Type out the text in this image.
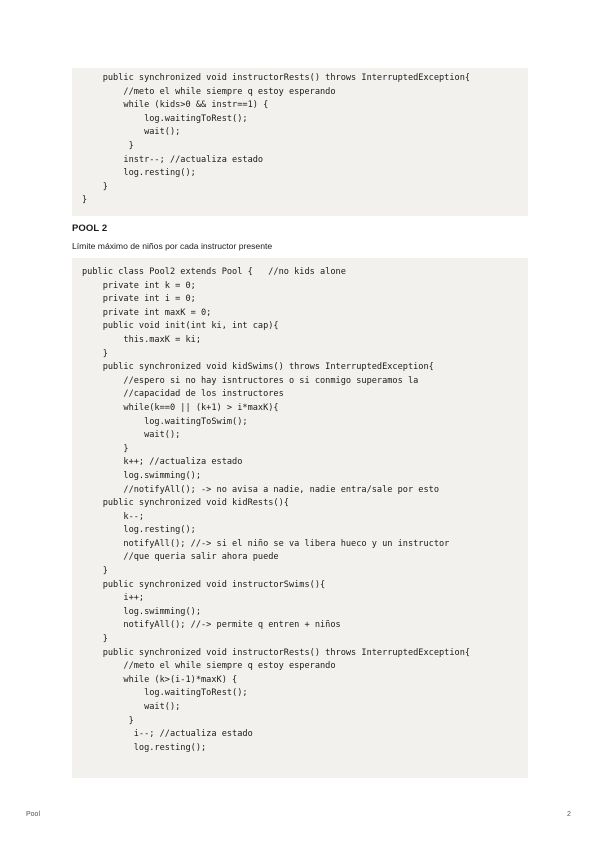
public synchronized void instructorRests() throws InterruptedException{
//meto el while siempre q estoy esperando
while (kids>0 && instr==1) {
log.waitingToRest();
wait();
}
instr--; //actualiza estado
log.resting();
}
}
POOL 2
Límite máximo de niños por cada instructor presente
public class Pool2 extends Pool {   //no kids alone
private int k = 0;
private int i = 0;
private int maxK = 0;
public void init(int ki, int cap){
this.maxK = ki;
}
public synchronized void kidSwims() throws InterruptedException{
//espero si no hay isntructores o si conmigo superamos la
//capacidad de los instructores
while(k==0 || (k+1) > i*maxK){
log.waitingToSwim();
wait();
}
k++; //actualiza estado
log.swimming();
//notifyAll(); -> no avisa a nadie, nadie entra/sale por esto
public synchronized void kidRests(){
k--;
log.resting();
notifyAll(); //-> si el niño se va libera hueco y un instructor
//que queria salir ahora puede
}
public synchronized void instructorSwims(){
i++;
log.swimming();
notifyAll(); //-> permite q entren + niños
}
public synchronized void instructorRests() throws InterruptedException{
//meto el while siempre q estoy esperando
while (k>(i-1)*maxK) {
log.waitingToRest();
wait();
}
i--; //actualiza estado
log.resting();
Pool	2
